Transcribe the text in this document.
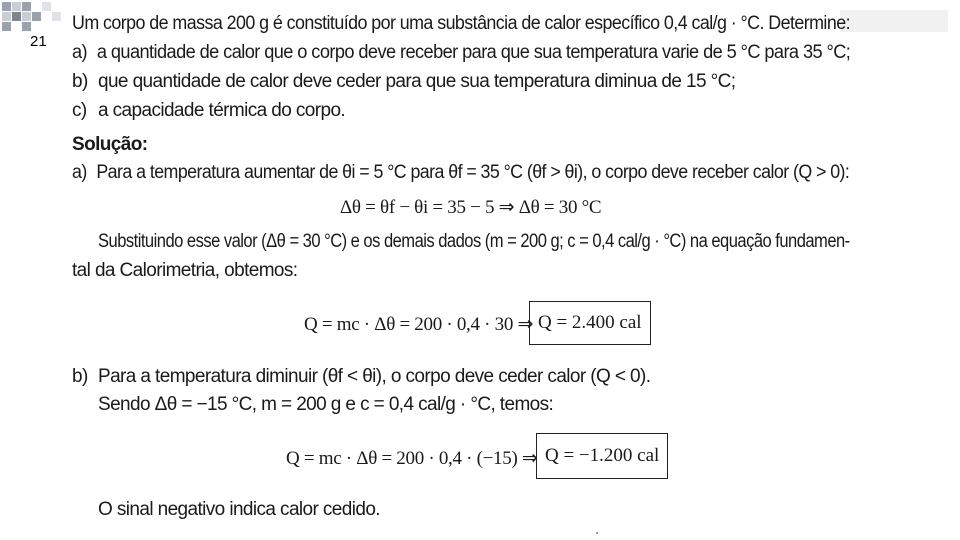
21
Um corpo de massa 200 g é constituído por uma substância de calor específico 0,4 cal/g · °C. Determine:
a) a quantidade de calor que o corpo deve receber para que sua temperatura varie de 5 °C para 35 °C;
b) que quantidade de calor deve ceder para que sua temperatura diminua de 15 °C;
c) a capacidade térmica do corpo.
Solução:
a) Para a temperatura aumentar de θi = 5 °C para θf = 35 °C (θf > θi), o corpo deve receber calor (Q > 0):
Δθ = θf − θi = 35 − 5 ⇒ Δθ = 30 °C
Substituindo esse valor (Δθ = 30 °C) e os demais dados (m = 200 g; c = 0,4 cal/g · °C) na equação fundamen-
tal da Calorimetria, obtemos:
Q = mc · Δθ = 200 · 0,4 · 30 ⇒ Q = 2.400 cal
b) Para a temperatura diminuir (θf < θi), o corpo deve ceder calor (Q < 0).
Sendo Δθ = −15 °C, m = 200 g e c = 0,4 cal/g · °C, temos:
Q = mc · Δθ = 200 · 0,4 · (−15) ⇒ Q = −1.200 cal
O sinal negativo indica calor cedido.
